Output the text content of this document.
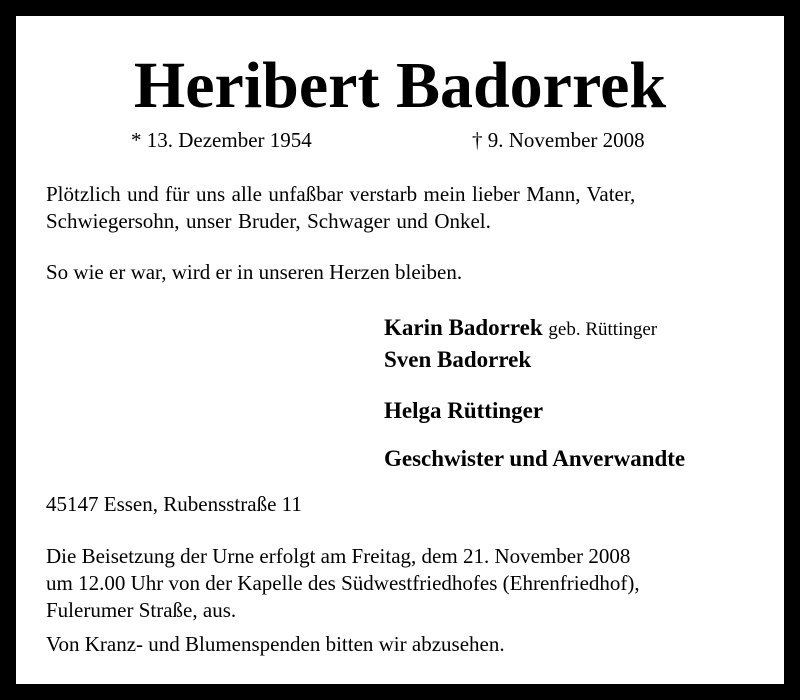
Heribert Badorrek
* 13. Dezember 1954	† 9. November 2008
Plötzlich und für uns alle unfaßbar verstarb mein lieber Mann, Vater,
Schwiegersohn, unser Bruder, Schwager und Onkel.
So wie er war, wird er in unseren Herzen bleiben.
Karin Badorrek geb. Rüttinger
Sven Badorrek
Helga Rüttinger
Geschwister und Anverwandte
45147 Essen, Rubensstraße 11
Die Beisetzung der Urne erfolgt am Freitag, dem 21. November 2008
um 12.00 Uhr von der Kapelle des Südwestfriedhofes (Ehrenfriedhof),
Fulerumer Straße, aus.
Von Kranz- und Blumenspenden bitten wir abzusehen.
